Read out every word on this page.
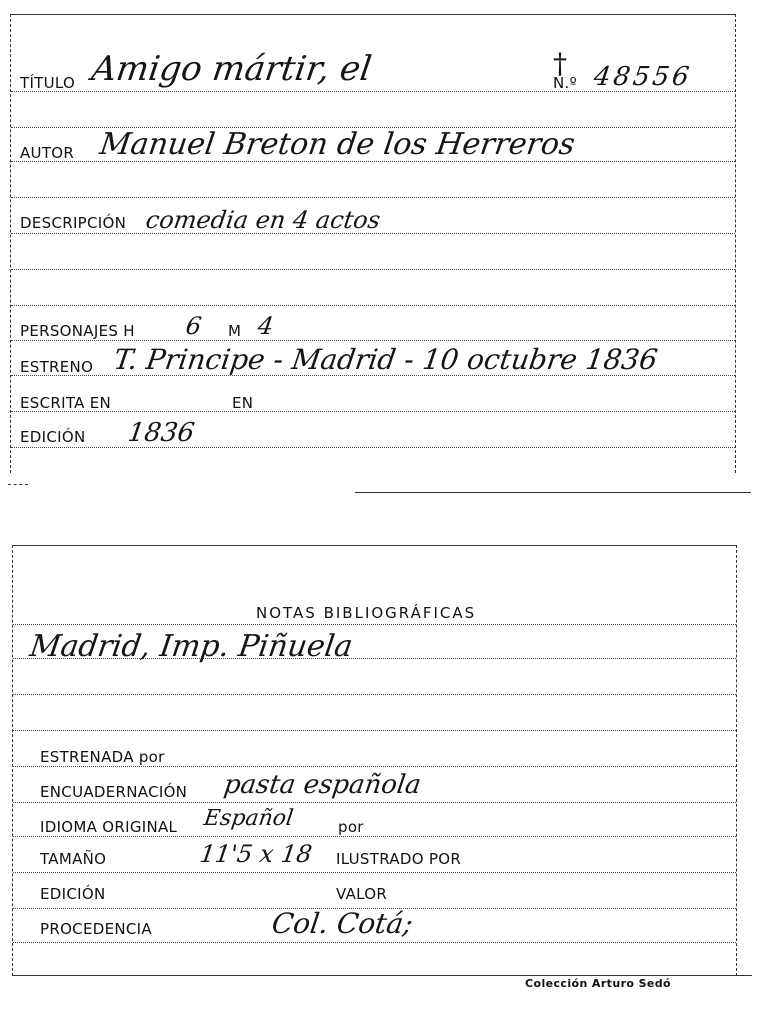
TÍTULO Amigo mártir, el	†
N.º 48556
AUTOR Manuel Breton de los Herreros
DESCRIPCIÓN comedia en 4 actos
PERSONAJES H 6 M 4
ESTRENO T. Principe - Madrid - 10 octubre 1836
ESCRITA EN	EN
EDICIÓN 1836
NOTAS BIBLIOGRÁFICAS
Madrid, Imp. Piñuela
ESTRENADA por
ENCUADERNACIÓN pasta española
IDIOMA ORIGINAL Español	por
TAMAÑO	11'5 x 18 ILUSTRADO POR
EDICIÓN	VALOR
PROCEDENCIA	Col. Cotá;
Colección Arturo Sedó
